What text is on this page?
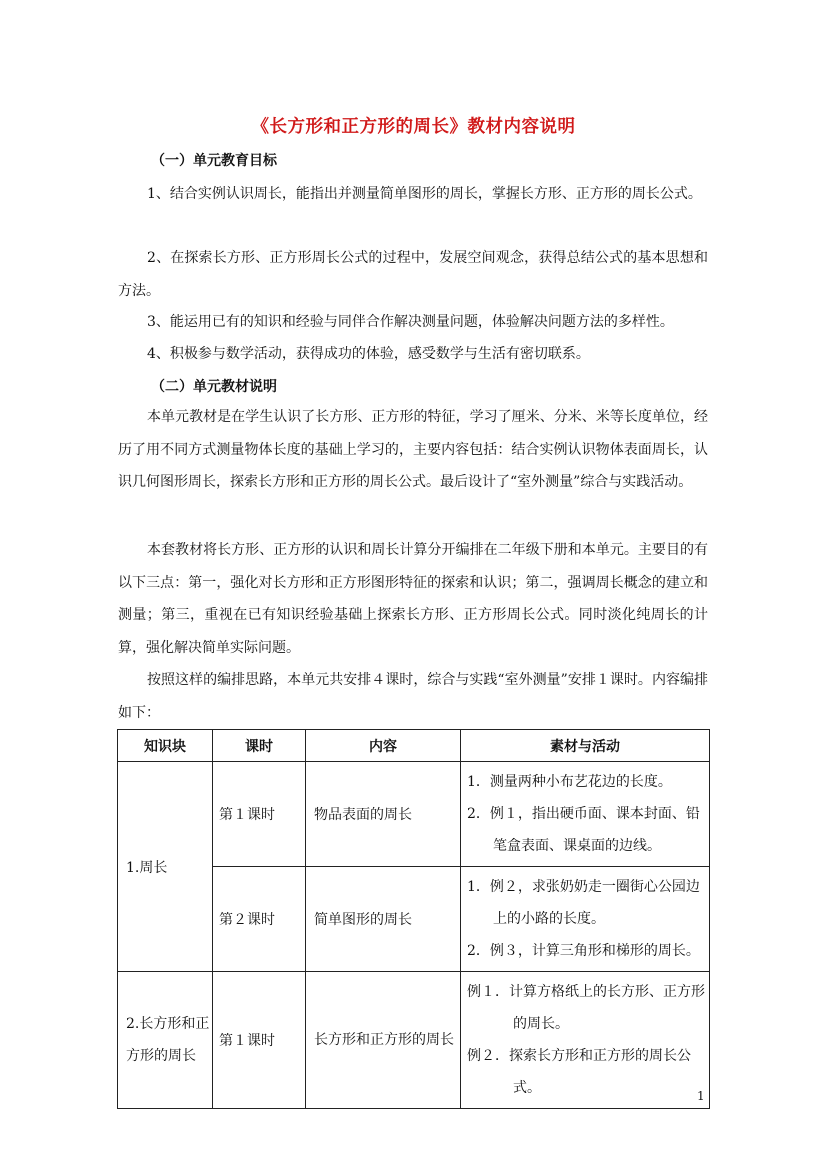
《长方形和正方形的周长》教材内容说明
（一）单元教育目标
1、结合实例认识周长，能指出并测量简单图形的周长，掌握长方形、正方形的周长公式。
2、在探索长方形、正方形周长公式的过程中，发展空间观念，获得总结公式的基本思想和方法。
3、能运用已有的知识和经验与同伴合作解决测量问题，体验解决问题方法的多样性。
4、积极参与数学活动，获得成功的体验，感受数学与生活有密切联系。
（二）单元教材说明
本单元教材是在学生认识了长方形、正方形的特征，学习了厘米、分米、米等长度单位，经历了用不同方式测量物体长度的基础上学习的，主要内容包括：结合实例认识物体表面周长，认识几何图形周长，探索长方形和正方形的周长公式。最后设计了“室外测量”综合与实践活动。
本套教材将长方形、正方形的认识和周长计算分开编排在二年级下册和本单元。主要目的有以下三点：第一，强化对长方形和正方形图形特征的探索和认识；第二，强调周长概念的建立和测量；第三，重视在已有知识经验基础上探索长方形、正方形周长公式。同时淡化纯周长的计算，强化解决简单实际问题。
按照这样的编排思路，本单元共安排４课时，综合与实践“室外测量”安排１课时。内容编排如下：
知识块	课时	内容	素材与活动
1.周长	第１课时	物品表面的周长	1．测量两种小布艺花边的长度。
2．例１，指出硬币面、课本封面、铅笔盒表面、课桌面的边线。

	第２课时	简单图形的周长	1．例２，求张奶奶走一圈街心公园边上的小路的长度。
2．例３，计算三角形和梯形的周长。

2.长方形和正方形的周长	第１课时	长方形和正方形的周长	例１．计算方格纸上的长方形、正方形的周长。
例２．探索长方形和正方形的周长公式。	1
